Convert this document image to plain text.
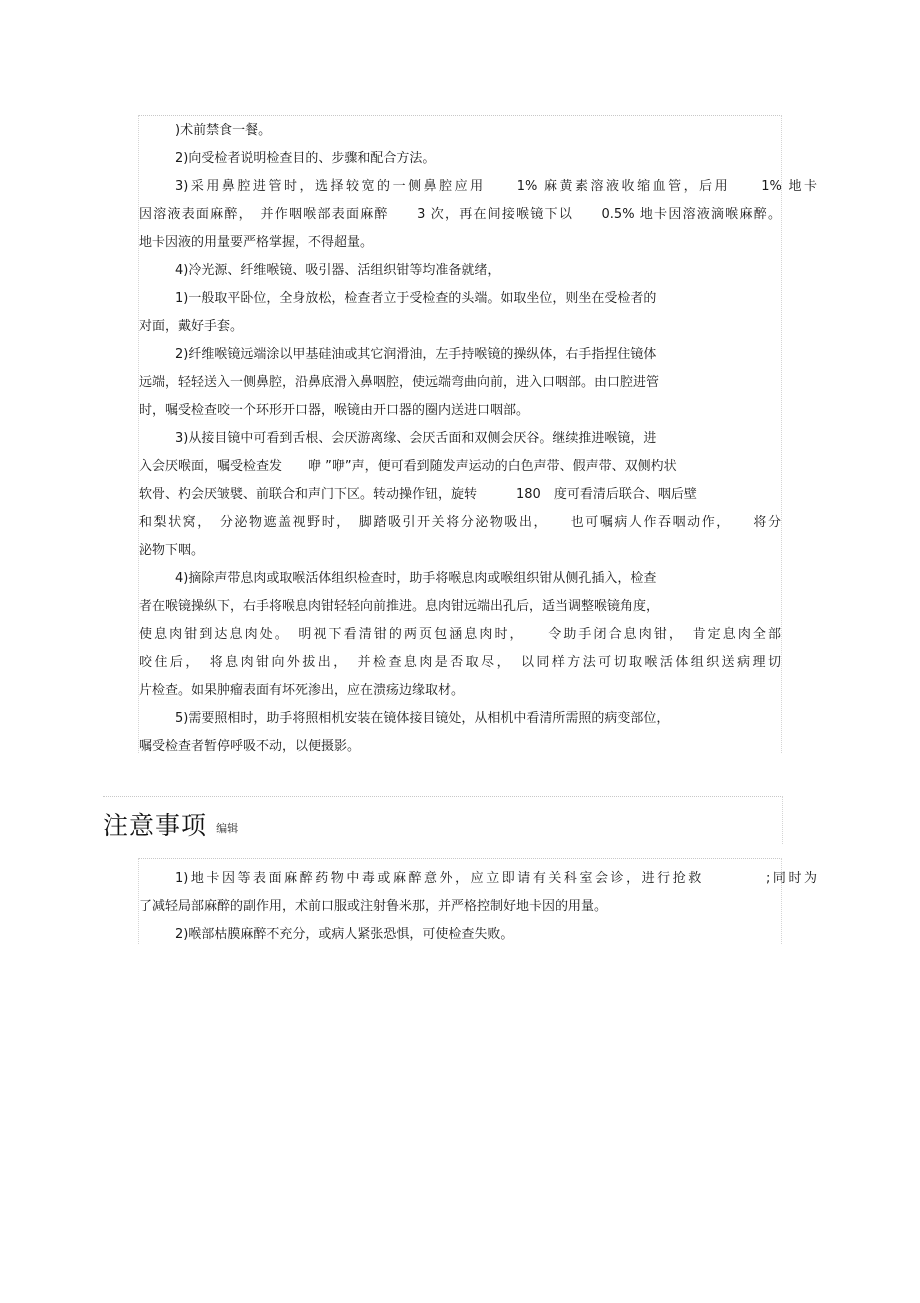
)术前禁食一餐。
2)向受检者说明检查目的、步骤和配合方法。
3)采用鼻腔进管时，选择较宽的一侧鼻腔应用　　1% 麻黄素溶液收缩血管，后用　　1% 地卡
因溶液表面麻醉，　并作咽喉部表面麻醉　　3 次，再在间接喉镜下以　　0.5% 地卡因溶液滴喉麻醉。
地卡因液的用量要严格掌握，不得超量。
4)冷光源、纤维喉镜、吸引器、活组织钳等均准备就绪，
1)一般取平卧位，全身放松，检查者立于受检查的头端。如取坐位，则坐在受检者的
对面，戴好手套。
2)纤维喉镜远端涂以甲基硅油或其它润滑油，左手持喉镜的操纵体，右手指捏住镜体
远端，轻轻送入一侧鼻腔，沿鼻底滑入鼻咽腔，使远端弯曲向前，进入口咽部。由口腔进管
时，嘱受检查咬一个环形开口器，喉镜由开口器的圈内送进口咽部。
3)从接目镜中可看到舌根、会厌游离缘、会厌舌面和双侧会厌谷。继续推进喉镜，进
入会厌喉面，嘱受检查发　　咿 ”咿”声，便可看到随发声运动的白色声带、假声带、双侧杓状
软骨、杓会厌皱襞、前联合和声门下区。转动操作钮，旋转　　　180　度可看清后联合、咽后壁
和梨状窝，　分泌物遮盖视野时，　脚踏吸引开关将分泌物吸出，　　也可嘱病人作吞咽动作，　　将分
泌物下咽。
4)摘除声带息肉或取喉活体组织检查时，助手将喉息肉或喉组织钳从侧孔插入，检查
者在喉镜操纵下，右手将喉息肉钳轻轻向前推进。息肉钳远端出孔后，适当调整喉镜角度，
使息肉钳到达息肉处。　明视下看清钳的两页包涵息肉时，　　令助手闭合息肉钳，　肯定息肉全部
咬住后，　将息肉钳向外拔出，　并检查息肉是否取尽，　以同样方法可切取喉活体组织送病理切
片检查。如果肿瘤表面有坏死渗出，应在溃疡边缘取材。
5)需要照相时，助手将照相机安装在镜体接目镜处，从相机中看清所需照的病变部位，
嘱受检查者暂停呼吸不动，以便摄影。
注意事项 编辑
1)地卡因等表面麻醉药物中毒或麻醉意外，应立即请有关科室会诊，进行抢救　　　　;同时为
了减轻局部麻醉的副作用，术前口服或注射鲁米那，并严格控制好地卡因的用量。
2)喉部枯膜麻醉不充分，或病人紧张恐惧，可使检查失败。
